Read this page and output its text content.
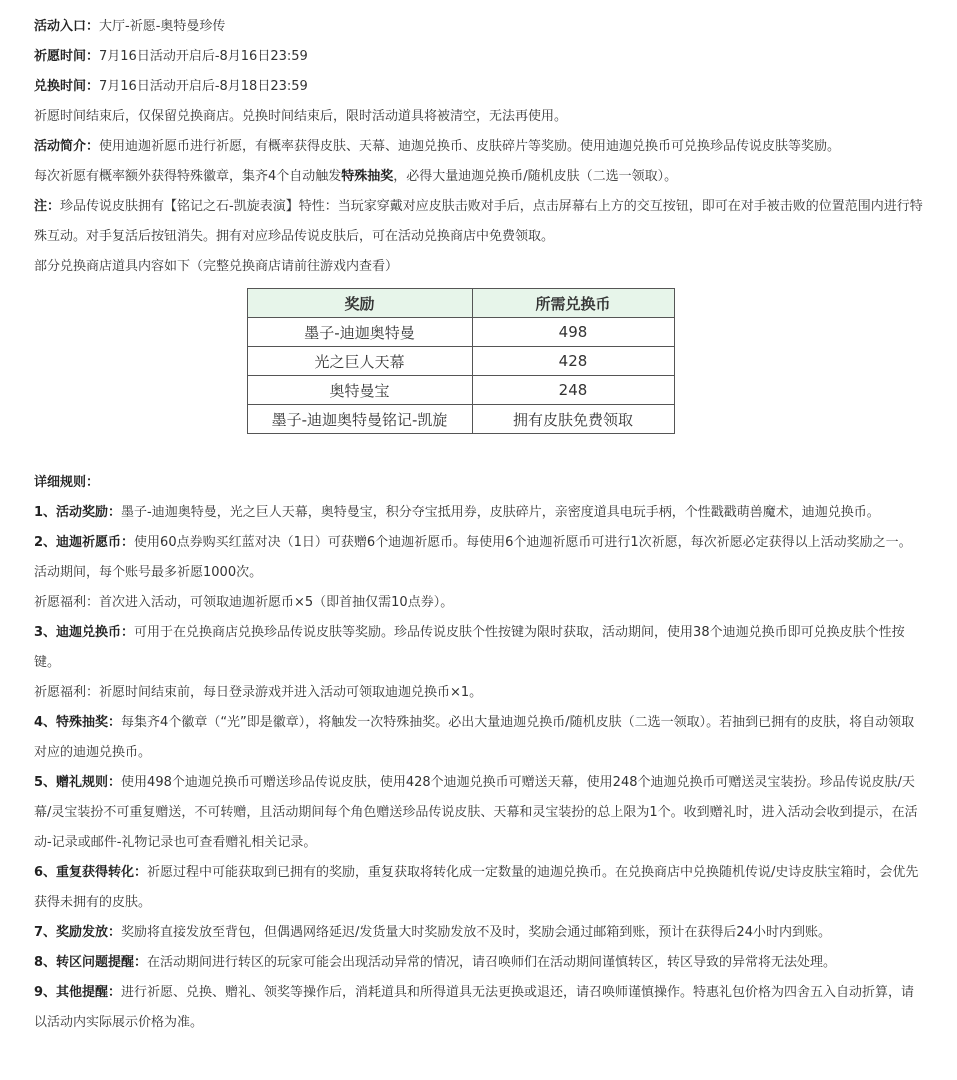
活动入口：大厅-祈愿-奥特曼珍传

祈愿时间：7月16日活动开启后-8月16日23:59

兑换时间：7月16日活动开启后-8月18日23:59

祈愿时间结束后，仅保留兑换商店。兑换时间结束后，限时活动道具将被清空，无法再使用。

活动简介：使用迪迦祈愿币进行祈愿，有概率获得皮肤、天幕、迪迦兑换币、皮肤碎片等奖励。使用迪迦兑换币可兑换珍品传说皮肤等奖励。

每次祈愿有概率额外获得特殊徽章，集齐4个自动触发特殊抽奖，必得大量迪迦兑换币/随机皮肤（二选一领取）。

注：珍品传说皮肤拥有【铭记之石-凯旋表演】特性：当玩家穿戴对应皮肤击败对手后，点击屏幕右上方的交互按钮，即可在对手被击败的位置范围内进行特殊互动。对手复活后按钮消失。拥有对应珍品传说皮肤后，可在活动兑换商店中免费领取。

部分兑换商店道具内容如下（完整兑换商店请前往游戏内查看）

奖励	所需兑换币
墨子-迪迦奥特曼	498
光之巨人天幕	428
奥特曼宝	248
墨子-迪迦奥特曼铭记-凯旋	拥有皮肤免费领取

详细规则：

1、活动奖励：墨子-迪迦奥特曼，光之巨人天幕，奥特曼宝，积分夺宝抵用券，皮肤碎片，亲密度道具电玩手柄，个性戳戳萌兽魔术，迪迦兑换币。

2、迪迦祈愿币：使用60点券购买红蓝对决（1日）可获赠6个迪迦祈愿币。每使用6个迪迦祈愿币可进行1次祈愿，每次祈愿必定获得以上活动奖励之一。活动期间，每个账号最多祈愿1000次。

祈愿福利：首次进入活动，可领取迪迦祈愿币×5（即首抽仅需10点券）。

3、迪迦兑换币：可用于在兑换商店兑换珍品传说皮肤等奖励。珍品传说皮肤个性按键为限时获取，活动期间，使用38个迪迦兑换币即可兑换皮肤个性按键。

祈愿福利：祈愿时间结束前，每日登录游戏并进入活动可领取迪迦兑换币×1。

4、特殊抽奖：每集齐4个徽章（“光”即是徽章），将触发一次特殊抽奖。必出大量迪迦兑换币/随机皮肤（二选一领取）。若抽到已拥有的皮肤，将自动领取对应的迪迦兑换币。

5、赠礼规则：使用498个迪迦兑换币可赠送珍品传说皮肤，使用428个迪迦兑换币可赠送天幕，使用248个迪迦兑换币可赠送灵宝装扮。珍品传说皮肤/天幕/灵宝装扮不可重复赠送，不可转赠，且活动期间每个角色赠送珍品传说皮肤、天幕和灵宝装扮的总上限为1个。收到赠礼时，进入活动会收到提示，在活动-记录或邮件-礼物记录也可查看赠礼相关记录。

6、重复获得转化：祈愿过程中可能获取到已拥有的奖励，重复获取将转化成一定数量的迪迦兑换币。在兑换商店中兑换随机传说/史诗皮肤宝箱时，会优先获得未拥有的皮肤。

7、奖励发放：奖励将直接发放至背包，但偶遇网络延迟/发货量大时奖励发放不及时，奖励会通过邮箱到账，预计在获得后24小时内到账。

8、转区问题提醒：在活动期间进行转区的玩家可能会出现活动异常的情况，请召唤师们在活动期间谨慎转区，转区导致的异常将无法处理。

9、其他提醒：进行祈愿、兑换、赠礼、领奖等操作后，消耗道具和所得道具无法更换或退还，请召唤师谨慎操作。特惠礼包价格为四舍五入自动折算，请以活动内实际展示价格为准。
